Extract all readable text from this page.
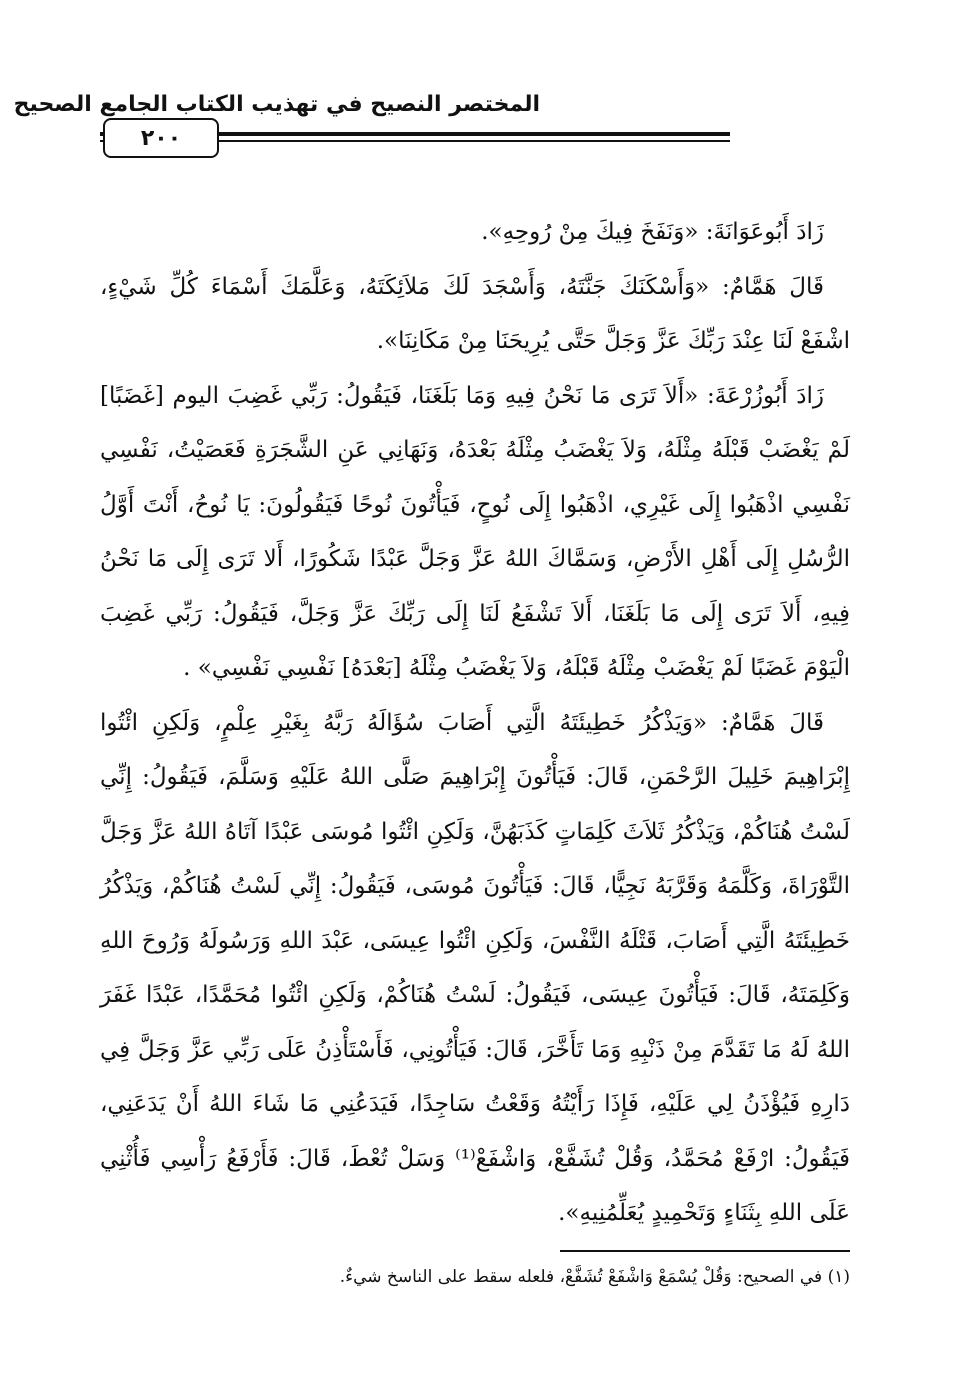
المختصر النصيح في تهذيب الكتاب الجامع الصحيح
٢٠٠

زَادَ أَبُوعَوَانَةَ: «وَنَفَخَ فِيكَ مِنْ رُوحِهِ».

قَالَ هَمَّامٌ: «وَأَسْكَنَكَ جَنَّتَهُ، وَأَسْجَدَ لَكَ مَلاَئِكَتَهُ، وَعَلَّمَكَ أَسْمَاءَ كُلِّ شَيْءٍ، اشْفَعْ لَنَا عِنْدَ رَبِّكَ عَزَّ وَجَلَّ حَتَّى يُرِيحَنَا مِنْ مَكَانِنَا».

زَادَ أَبُوزُرْعَةَ: «أَلاَ تَرَى مَا نَحْنُ فِيهِ وَمَا بَلَغَنَا، فَيَقُولُ: رَبِّي غَضِبَ اليوم [غَضَبًا] لَمْ يَغْضَبْ قَبْلَهُ مِثْلَهُ، وَلاَ يَغْضَبُ مِثْلَهُ بَعْدَهُ، وَنَهَانِي عَنِ الشَّجَرَةِ فَعَصَيْتُ، نَفْسِي نَفْسِي اذْهَبُوا إِلَى غَيْرِي، اذْهَبُوا إِلَى نُوحٍ، فَيَأْتُونَ نُوحًا فَيَقُولُونَ: يَا نُوحُ، أَنْتَ أَوَّلُ الرُّسُلِ إِلَى أَهْلِ الأَرْضِ، وَسَمَّاكَ اللهُ عَزَّ وَجَلَّ عَبْدًا شَكُورًا، أَلا تَرَى إِلَى مَا نَحْنُ فِيهِ، أَلاَ تَرَى إِلَى مَا بَلَغَنَا، أَلاَ تَشْفَعُ لَنَا إِلَى رَبِّكَ عَزَّ وَجَلَّ، فَيَقُولُ: رَبِّي غَضِبَ الْيَوْمَ غَضَبًا لَمْ يَغْضَبْ مِثْلَهُ قَبْلَهُ، وَلاَ يَغْضَبُ مِثْلَهُ [بَعْدَهُ] نَفْسِي نَفْسِي» .

قَالَ هَمَّامٌ: «وَيَذْكُرُ خَطِيئَتَهُ الَّتِي أَصَابَ سُؤَالَهُ رَبَّهُ بِغَيْرِ عِلْمٍ، وَلَكِنِ ائْتُوا إِبْرَاهِيمَ خَلِيلَ الرَّحْمَنِ، قَالَ: فَيَأْتُونَ إِبْرَاهِيمَ صَلَّى اللهُ عَلَيْهِ وَسَلَّمَ، فَيَقُولُ: إِنِّي لَسْتُ هُنَاكُمْ، وَيَذْكُرُ ثَلاَثَ كَلِمَاتٍ كَذَبَهُنَّ، وَلَكِنِ ائْتُوا مُوسَى عَبْدًا آتَاهُ اللهُ عَزَّ وَجَلَّ التَّوْرَاةَ، وَكَلَّمَهُ وَقَرَّبَهُ نَجِيًّا، قَالَ: فَيَأْتُونَ مُوسَى، فَيَقُولُ: إِنِّي لَسْتُ هُنَاكُمْ، وَيَذْكُرُ خَطِيئَتَهُ الَّتِي أَصَابَ، قَتْلَهُ النَّفْسَ، وَلَكِنِ ائْتُوا عِيسَى، عَبْدَ اللهِ وَرَسُولَهُ وَرُوحَ اللهِ وَكَلِمَتَهُ، قَالَ: فَيَأْتُونَ عِيسَى، فَيَقُولُ: لَسْتُ هُنَاكُمْ، وَلَكِنِ ائْتُوا مُحَمَّدًا، عَبْدًا غَفَرَ اللهُ لَهُ مَا تَقَدَّمَ مِنْ ذَنْبِهِ وَمَا تَأَخَّرَ، قَالَ: فَيَأْتُونِي، فَأَسْتَأْذِنُ عَلَى رَبِّي عَزَّ وَجَلَّ فِي دَارِهِ فَيُؤْذَنُ لِي عَلَيْهِ، فَإِذَا رَأَيْتُهُ وَقَعْتُ سَاجِدًا، فَيَدَعُنِي مَا شَاءَ اللهُ أَنْ يَدَعَنِي، فَيَقُولُ: ارْفَعْ مُحَمَّدُ، وَقُلْ تُشَفَّعْ، وَاشْفَعْ⁽¹⁾ وَسَلْ تُعْطَ، قَالَ: فَأَرْفَعُ رَأْسِي فَأُثْنِي عَلَى اللهِ بِثَنَاءٍ وَتَحْمِيدٍ يُعَلِّمُنِيهِ».

(١) في الصحيح: وَقُلْ يُسْمَعْ وَاشْفَعْ تُشَفَّعْ، فلعله سقط على الناسخ شيءٌ.
